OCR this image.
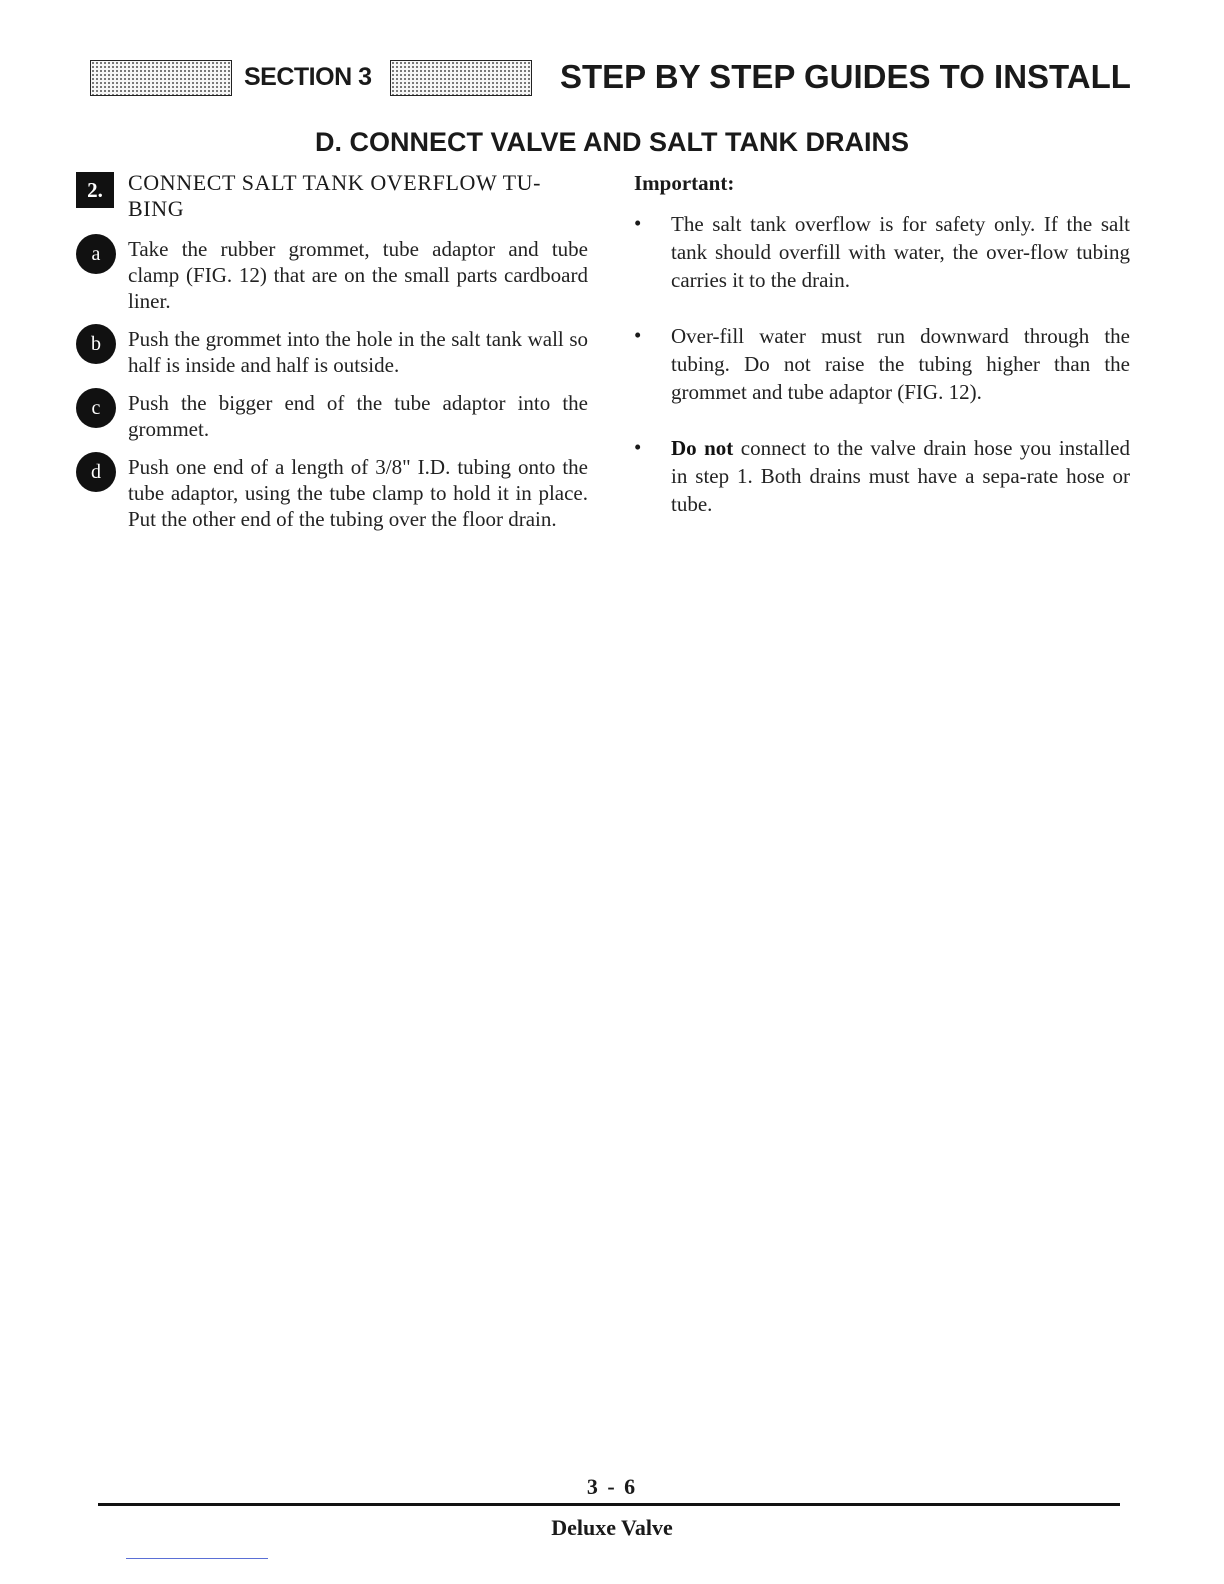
SECTION 3	STEP BY STEP GUIDES TO INSTALL
D. CONNECT VALVE AND SALT TANK DRAINS
2.	CONNECT SALT TANK OVERFLOW TU-BING
a	Take the rubber grommet, tube adaptor and tube clamp (FIG. 12) that are on the small parts cardboard liner.
b	Push the grommet into the hole in the salt tank wall so half is inside and half is outside.
c	Push the bigger end of the tube adaptor into the grommet.
d	Push one end of a length of 3/8" I.D. tubing onto the tube adaptor, using the tube clamp to hold it in place. Put the other end of the tubing over the floor drain.
Important:
• The salt tank overflow is for safety only. If the salt tank should overfill with water, the over-flow tubing carries it to the drain.
• Over-fill water must run downward through the tubing. Do not raise the tubing higher than the grommet and tube adaptor (FIG. 12).
• Do not connect to the valve drain hose you installed in step 1. Both drains must have a sepa-rate hose or tube.
3 - 6
Deluxe Valve
